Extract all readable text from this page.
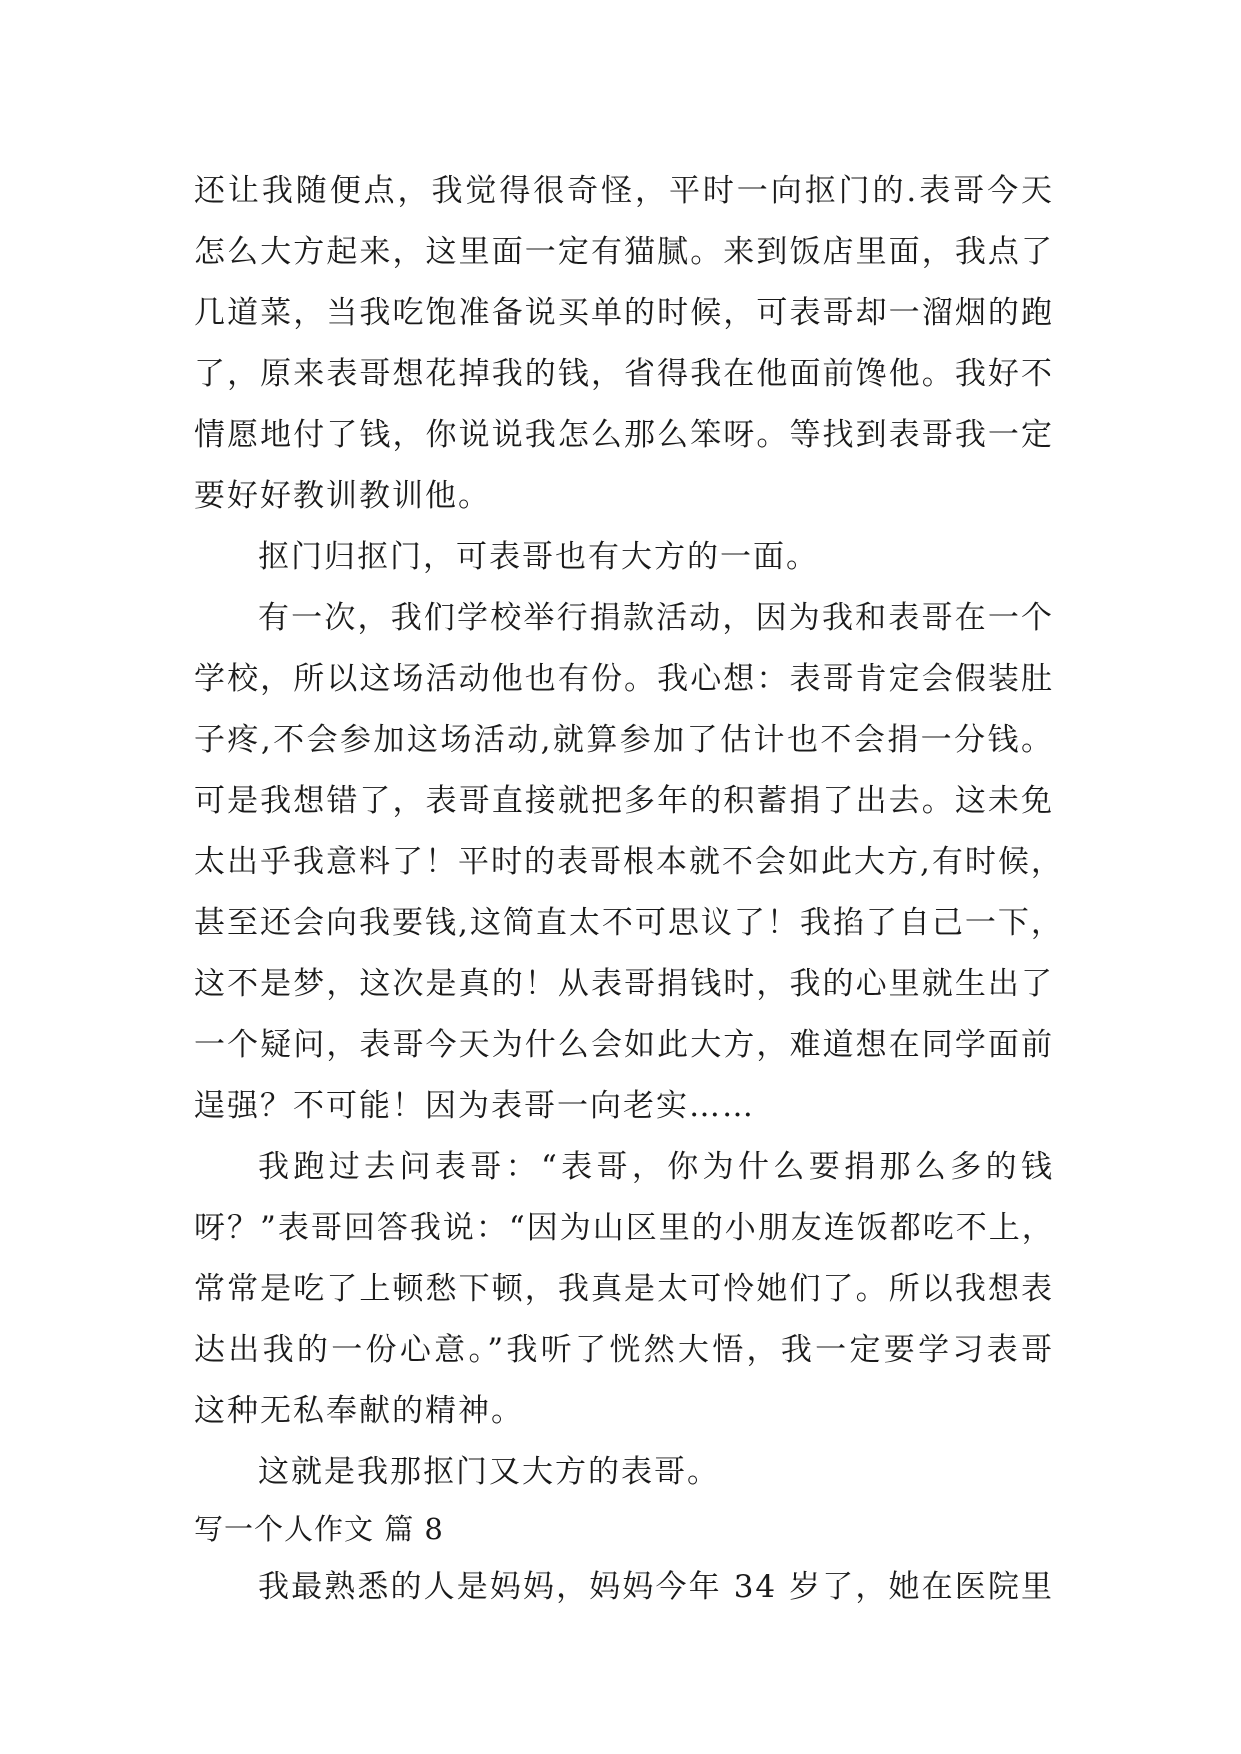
还让我随便点，我觉得很奇怪，平时一向抠门的.表哥今天
怎么大方起来，这里面一定有猫腻。来到饭店里面，我点了
几道菜，当我吃饱准备说买单的时候，可表哥却一溜烟的跑
了，原来表哥想花掉我的钱，省得我在他面前馋他。我好不
情愿地付了钱，你说说我怎么那么笨呀。等找到表哥我一定
要好好教训教训他。
抠门归抠门，可表哥也有大方的一面。
有一次，我们学校举行捐款活动，因为我和表哥在一个
学校，所以这场活动他也有份。我心想：表哥肯定会假装肚
子疼,不会参加这场活动,就算参加了估计也不会捐一分钱。
可是我想错了，表哥直接就把多年的积蓄捐了出去。这未免
太出乎我意料了！平时的表哥根本就不会如此大方,有时候，
甚至还会向我要钱,这简直太不可思议了！我掐了自己一下，
这不是梦，这次是真的！从表哥捐钱时，我的心里就生出了
一个疑问，表哥今天为什么会如此大方，难道想在同学面前
逞强？不可能！因为表哥一向老实……
我跑过去问表哥：“表哥，你为什么要捐那么多的钱
呀？”表哥回答我说：“因为山区里的小朋友连饭都吃不上，
常常是吃了上顿愁下顿，我真是太可怜她们了。所以我想表
达出我的一份心意。”我听了恍然大悟，我一定要学习表哥
这种无私奉献的精神。
这就是我那抠门又大方的表哥。
写一个人作文 篇 8
我最熟悉的人是妈妈，妈妈今年 34 岁了，她在医院里
